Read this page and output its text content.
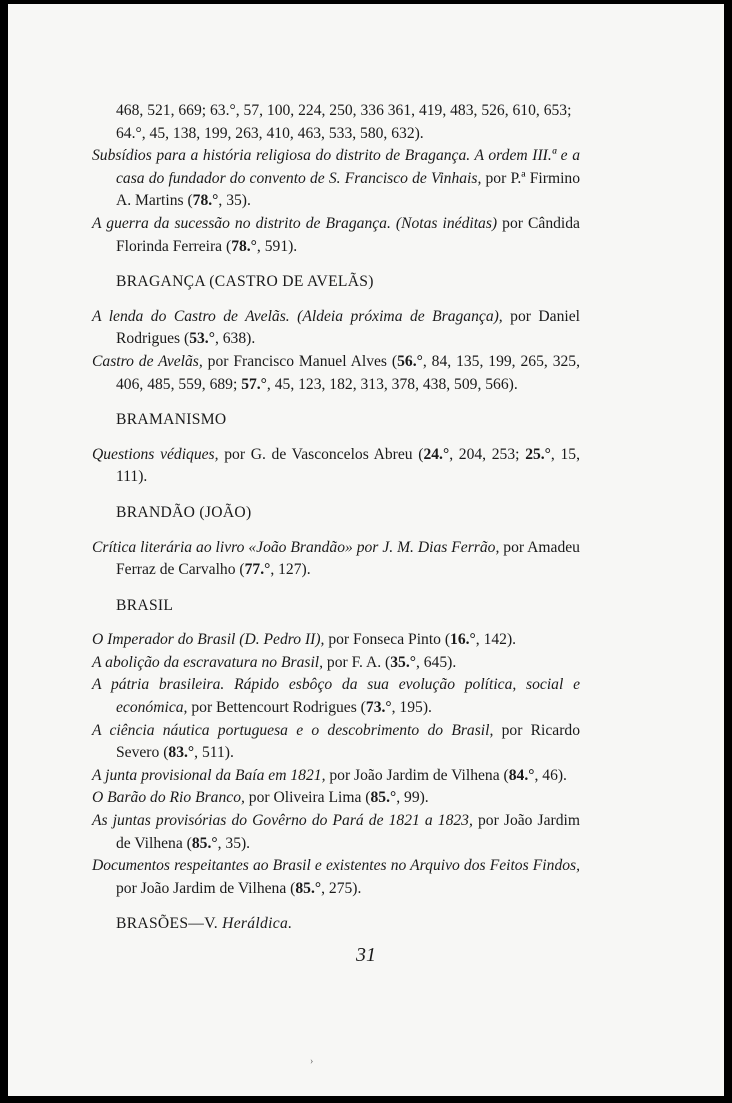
468, 521, 669; 63.°, 57, 100, 224, 250, 336 361, 419, 483, 526, 610, 653;
64.°, 45, 138, 199, 263, 410, 463, 533, 580, 632).
Subsídios para a história religiosa do distrito de Bragança. A ordem III.ª e a casa do fundador do convento de S. Francisco de Vinhais, por P.ª Firmino A. Martins (78.°, 35).
A guerra da sucessão no distrito de Bragança. (Notas inéditas) por Cândida Florinda Ferreira (78.°, 591).
BRAGANÇA (CASTRO DE AVELÃS)
A lenda do Castro de Avelãs. (Aldeia próxima de Bragança), por Daniel Rodrigues (53.°, 638).
Castro de Avelãs, por Francisco Manuel Alves (56.°, 84, 135, 199, 265, 325, 406, 485, 559, 689; 57.°, 45, 123, 182, 313, 378, 438, 509, 566).
BRAMANISMO
Questions védiques, por G. de Vasconcelos Abreu (24.°, 204, 253; 25.°, 15, 111).
BRANDÃO (JOÃO)
Crítica literária ao livro «João Brandão» por J. M. Dias Ferrão, por Amadeu Ferraz de Carvalho (77.°, 127).
BRASIL
O Imperador do Brasil (D. Pedro II), por Fonseca Pinto (16.°, 142).
A abolição da escravatura no Brasil, por F. A. (35.°, 645).
A pátria brasileira. Rápido esbôço da sua evolução política, social e económica, por Bettencourt Rodrigues (73.°, 195).
A ciência náutica portuguesa e o descobrimento do Brasil, por Ricardo Severo (83.°, 511).
A junta provisional da Baía em 1821, por João Jardim de Vilhena (84.°, 46).
O Barão do Rio Branco, por Oliveira Lima (85.°, 99).
As juntas provisórias do Govêrno do Pará de 1821 a 1823, por João Jardim de Vilhena (85.°, 35).
Documentos respeitantes ao Brasil e existentes no Arquivo dos Feitos Findos, por João Jardim de Vilhena (85.°, 275).
BRASÕES—V. Heráldica.
31
›
